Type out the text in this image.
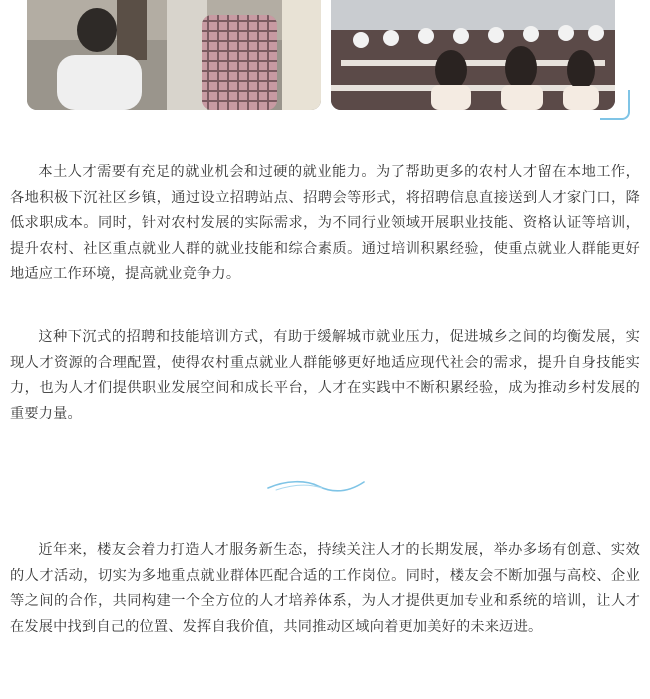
本土人才需要有充足的就业机会和过硬的就业能力。为了帮助更多的农村人才留在本地工作，各地积极下沉社区乡镇，通过设立招聘站点、招聘会等形式，将招聘信息直接送到人才家门口，降低求职成本。同时，针对农村发展的实际需求，为不同行业领域开展职业技能、资格认证等培训，提升农村、社区重点就业人群的就业技能和综合素质。通过培训积累经验，使重点就业人群能更好地适应工作环境，提高就业竞争力。

这种下沉式的招聘和技能培训方式，有助于缓解城市就业压力，促进城乡之间的均衡发展，实现人才资源的合理配置，使得农村重点就业人群能够更好地适应现代社会的需求，提升自身技能实力，也为人才们提供职业发展空间和成长平台，人才在实践中不断积累经验，成为推动乡村发展的重要力量。

近年来，楼友会着力打造人才服务新生态，持续关注人才的长期发展，举办多场有创意、实效的人才活动，切实为多地重点就业群体匹配合适的工作岗位。同时，楼友会不断加强与高校、企业等之间的合作，共同构建一个全方位的人才培养体系，为人才提供更加专业和系统的培训，让人才在发展中找到自己的位置、发挥自我价值，共同推动区域向着更加美好的未来迈进。
